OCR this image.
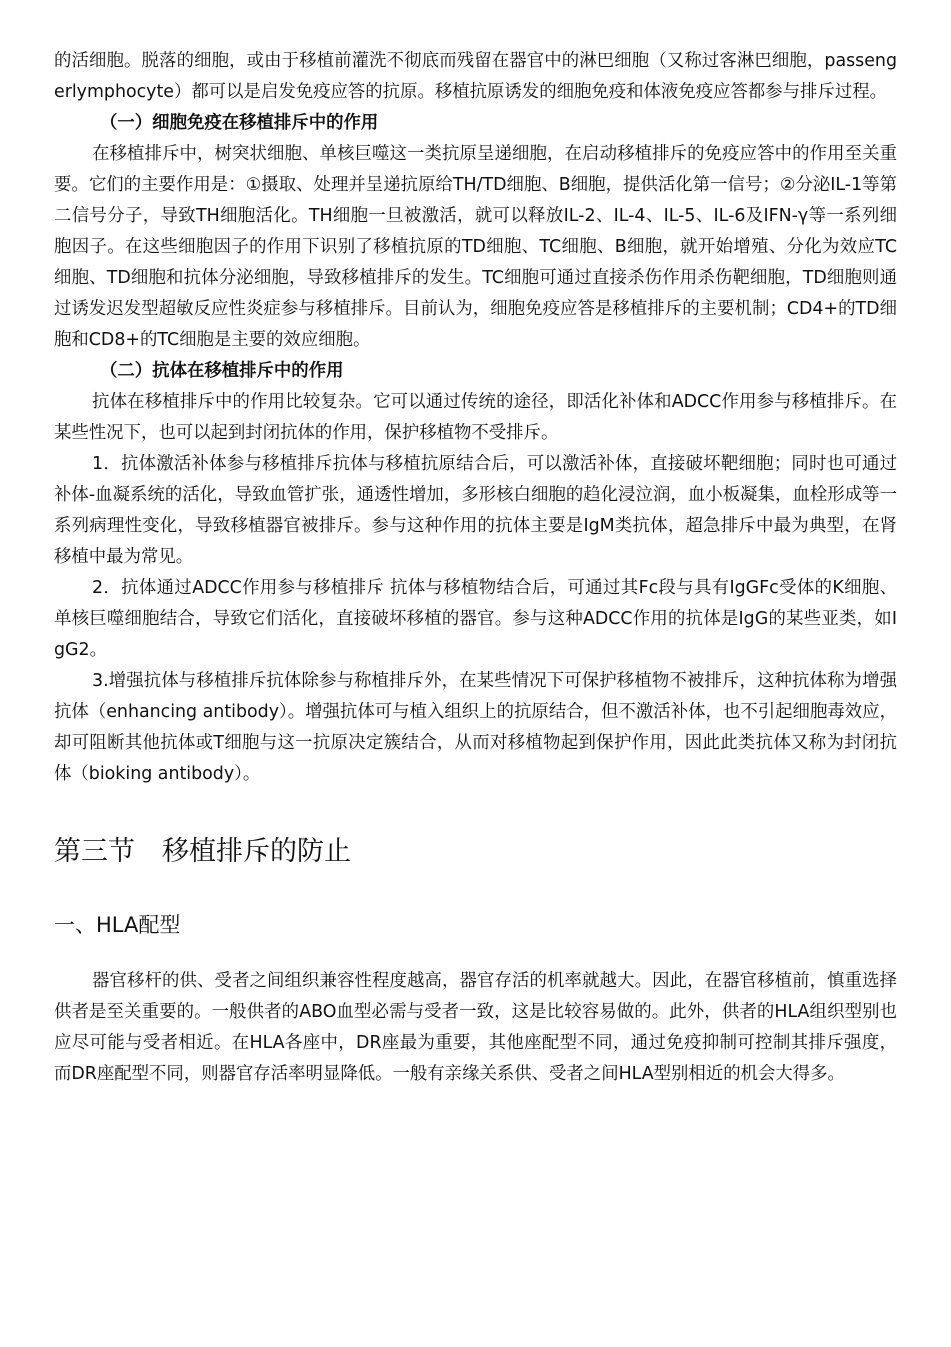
的活细胞。脱落的细胞，或由于移植前灌洗不彻底而残留在器官中的淋巴细胞（又称过客淋巴细胞，passengerlymphocyte）都可以是启发免疫应答的抗原。移植抗原诱发的细胞免疫和体液免疫应答都参与排斥过程。

（一）细胞免疫在移植排斥中的作用

在移植排斥中，树突状细胞、单核巨噬这一类抗原呈递细胞，在启动移植排斥的免疫应答中的作用至关重要。它们的主要作用是：①摄取、处理并呈递抗原给TH/TD细胞、B细胞，提供活化第一信号；②分泌IL-1等第二信号分子，导致TH细胞活化。TH细胞一旦被激活，就可以释放IL-2、IL-4、IL-5、IL-6及IFN-γ等一系列细胞因子。在这些细胞因子的作用下识别了移植抗原的TD细胞、TC细胞、B细胞，就开始增殖、分化为效应TC细胞、TD细胞和抗体分泌细胞，导致移植排斥的发生。TC细胞可通过直接杀伤作用杀伤靶细胞，TD细胞则通过诱发迟发型超敏反应性炎症参与移植排斥。目前认为，细胞免疫应答是移植排斥的主要机制；CD4+的TD细胞和CD8+的TC细胞是主要的效应细胞。

（二）抗体在移植排斥中的作用

抗体在移植排斥中的作用比较复杂。它可以通过传统的途径，即活化补体和ADCC作用参与移植排斥。在某些性况下，也可以起到封闭抗体的作用，保护移植物不受排斥。

1．抗体激活补体参与移植排斥抗体与移植抗原结合后，可以激活补体，直接破坏靶细胞；同时也可通过补体-血凝系统的活化，导致血管扩张，通透性增加，多形核白细胞的趋化浸泣润，血小板凝集，血栓形成等一系列病理性变化，导致移植器官被排斥。参与这种作用的抗体主要是IgM类抗体，超急排斥中最为典型，在肾移植中最为常见。

2．抗体通过ADCC作用参与移植排斥 抗体与移植物结合后，可通过其Fc段与具有IgGFc受体的K细胞、单核巨噬细胞结合，导致它们活化，直接破坏移植的器官。参与这种ADCC作用的抗体是IgG的某些亚类，如IgG2。

3.增强抗体与移植排斥抗体除参与称植排斥外，在某些情况下可保护移植物不被排斥，这种抗体称为增强抗体（enhancing antibody）。增强抗体可与植入组织上的抗原结合，但不激活补体，也不引起细胞毒效应，却可阻断其他抗体或T细胞与这一抗原决定簇结合，从而对移植物起到保护作用，因此此类抗体又称为封闭抗体（bioking antibody）。

第三节　移植排斥的防止
一、HLA配型

器官移杆的供、受者之间组织兼容性程度越高，器官存活的机率就越大。因此，在器官移植前，慎重选择供者是至关重要的。一般供者的ABO血型必需与受者一致，这是比较容易做的。此外，供者的HLA组织型别也应尽可能与受者相近。在HLA各座中，DR座最为重要，其他座配型不同，通过免疫抑制可控制其排斥强度，而DR座配型不同，则器官存活率明显降低。一般有亲缘关系供、受者之间HLA型别相近的机会大得多。
